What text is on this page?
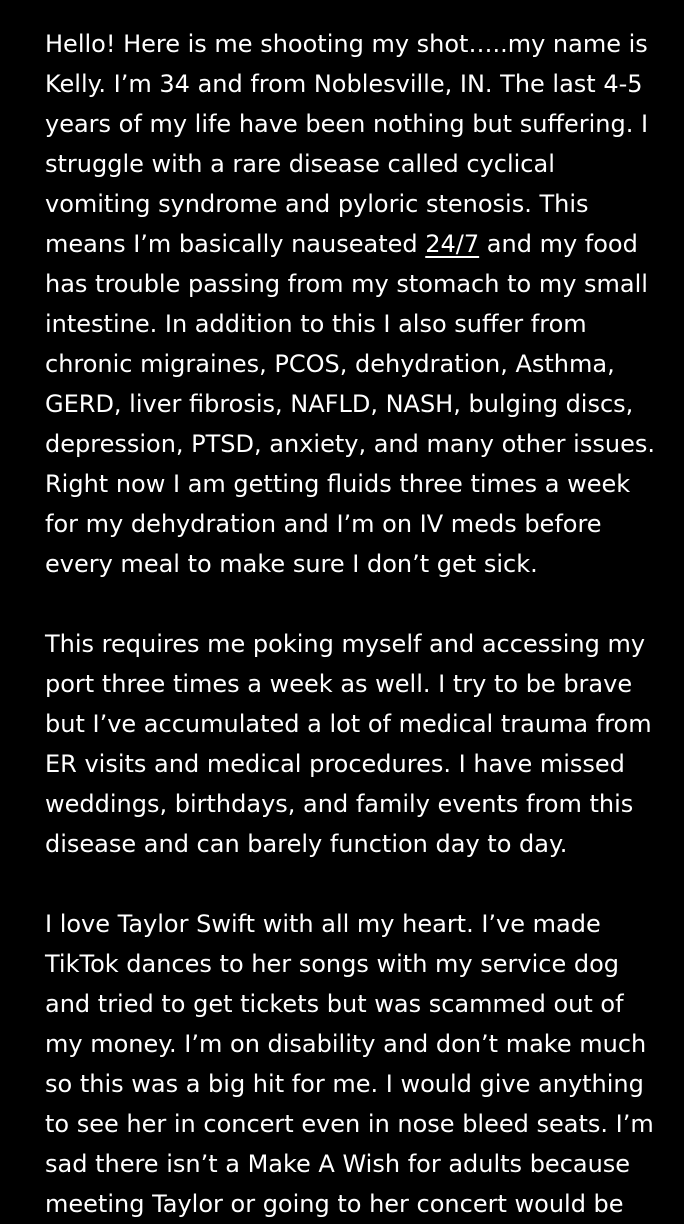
Hello! Here is me shooting my shot…..my name is
Kelly. I’m 34 and from Noblesville, IN. The last 4-5
years of my life have been nothing but suffering. I
struggle with a rare disease called cyclical
vomiting syndrome and pyloric stenosis. This
means I’m basically nauseated 24/7 and my food
has trouble passing from my stomach to my small
intestine. In addition to this I also suffer from
chronic migraines, PCOS, dehydration, Asthma,
GERD, liver fibrosis, NAFLD, NASH, bulging discs,
depression, PTSD, anxiety, and many other issues.
Right now I am getting fluids three times a week
for my dehydration and I’m on IV meds before
every meal to make sure I don’t get sick.
This requires me poking myself and accessing my
port three times a week as well. I try to be brave
but I’ve accumulated a lot of medical trauma from
ER visits and medical procedures. I have missed
weddings, birthdays, and family events from this
disease and can barely function day to day.
I love Taylor Swift with all my heart. I’ve made
TikTok dances to her songs with my service dog
and tried to get tickets but was scammed out of
my money. I’m on disability and don’t make much
so this was a big hit for me. I would give anything
to see her in concert even in nose bleed seats. I’m
sad there isn’t a Make A Wish for adults because
meeting Taylor or going to her concert would be
